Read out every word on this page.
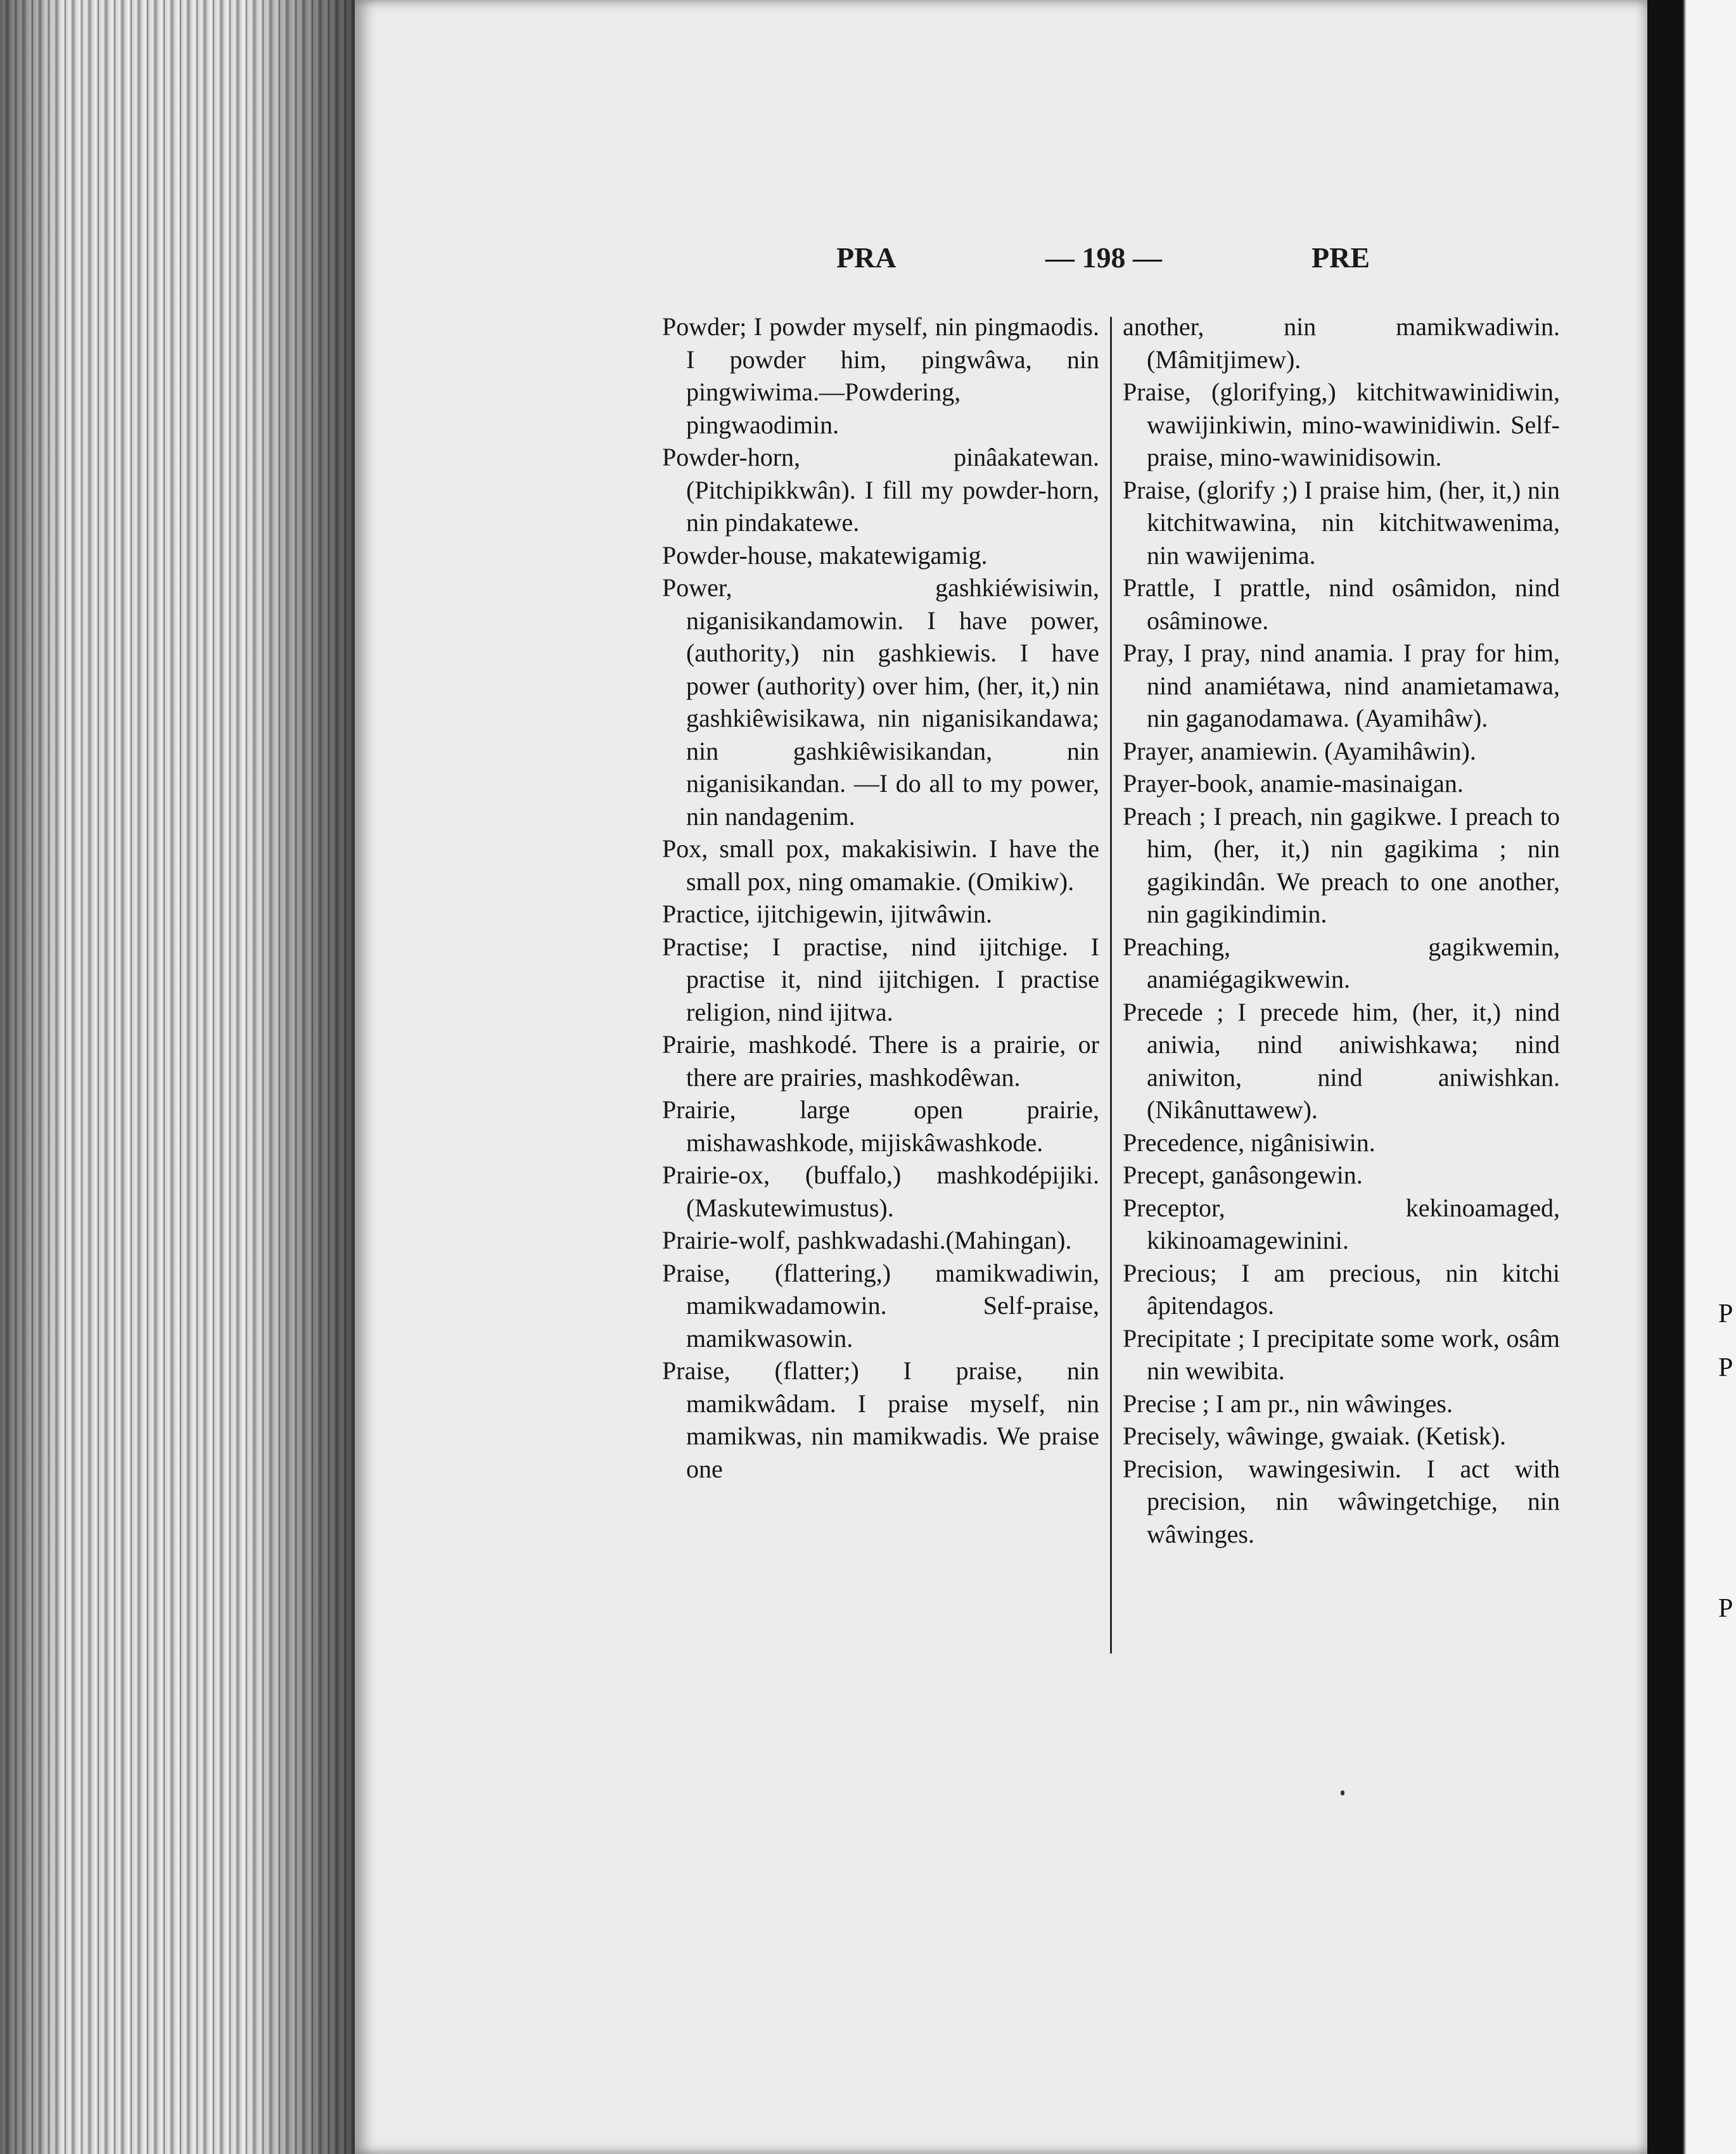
PRA	— 198 —	PRE

Powder; I powder myself, nin pingmaodis. I powder him, pingwâwa, nin pingwiwima.—Powdering, pingwaodimin.

Powder-horn, pinâakatewan. (Pitchipikkwân). I fill my powder-horn, nin pindakatewe.

Powder-house, makatewigamig.

Power, gashkiéwisiwin, niganisikandamowin. I have power, (authority,) nin gashkiewis. I have power (authority) over him, (her, it,) nin gashkiêwisikawa, nin niganisikandawa; nin gashkiêwisikandan, nin niganisikandan. —I do all to my power, nin nandagenim.

Pox, small pox, makakisiwin. I have the small pox, ning omamakie. (Omikiw).

Practice, ijitchigewin, ijitwâwin.

Practise; I practise, nind ijitchige. I practise it, nind ijitchigen. I practise religion, nind ijitwa.

Prairie, mashkodé. There is a prairie, or there are prairies, mashkodêwan.

Prairie, large open prairie, mishawashkode, mijiskâwashkode.

Prairie-ox, (buffalo,) mashkodépijiki. (Maskutewimustus).

Prairie-wolf, pashkwadashi.(Mahingan).

Praise, (flattering,) mamikwadiwin, mamikwadamowin. Self-praise, mamikwasowin.

Praise, (flatter;) I praise, nin mamikwâdam. I praise myself, nin mamikwas, nin mamikwadis. We praise one

another, nin mamikwadiwin. (Mâmitjimew).

Praise, (glorifying,) kitchitwawinidiwin, wawijinkiwin, mino-wawinidiwin. Self-praise, mino-wawinidisowin.

Praise, (glorify ;) I praise him, (her, it,) nin kitchitwawina, nin kitchitwawenima, nin wawijenima.

Prattle, I prattle, nind osâmidon, nind osâminowe.

Pray, I pray, nind anamia. I pray for him, nind anamiétawa, nind anamietamawa, nin gaganodamawa. (Ayamihâw).

Prayer, anamiewin. (Ayamihâwin).

Prayer-book, anamie-masinaigan.

Preach ; I preach, nin gagikwe. I preach to him, (her, it,) nin gagikima ; nin gagikindân. We preach to one another, nin gagikindimin.

Preaching, gagikwemin, anamiégagikwewin.

Precede ; I precede him, (her, it,) nind aniwia, nind aniwishkawa; nind aniwiton, nind aniwishkan. (Nikânuttawew).

Precedence, nigânisiwin.

Precept, ganâsongewin.

Preceptor, kekinoamaged, kikinoamagewinini.

Precious; I am precious, nin kitchi âpitendagos.

Precipitate ; I precipitate some work, osâm nin wewibita.

Precise ; I am pr., nin wâwinges.

Precisely, wâwinge, gwaiak. (Ketisk).

Precision, wawingesiwin. I act with precision, nin wâwingetchige, nin wâwinges.

P
P
P
